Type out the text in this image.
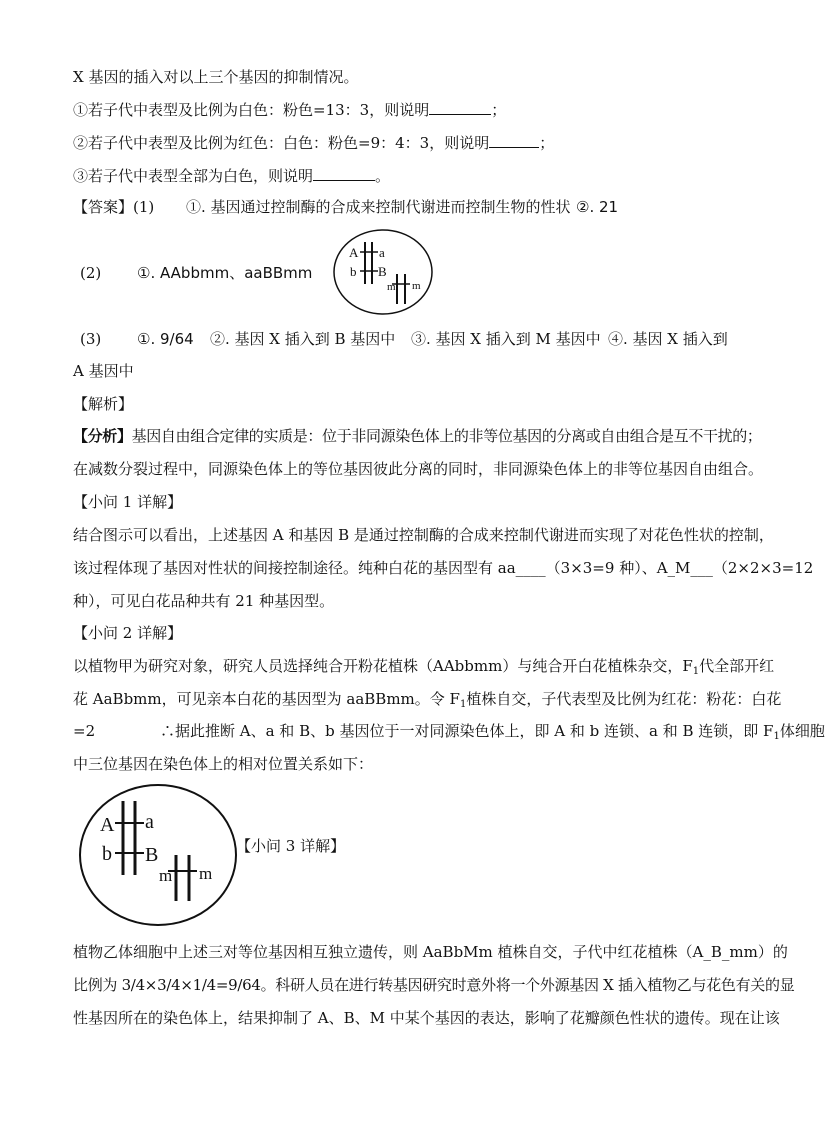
X 基因的插入对以上三个基因的抑制情况。
①若子代中表型及比例为白色：粉色=13：3，则说明	；
②若子代中表型及比例为红色：白色：粉色=9：4：3，则说明	；
③若子代中表型全部为白色，则说明	。
【答案】(1) ①. 基因通过控制酶的合成来控制代谢进而控制生物的性状 ②. 21
(2) ①. AAbbmm、aaBBmm
A a
b B
m m
(3) ①. 9/64 ②. 基因 X 插入到 B 基因中 ③. 基因 X 插入到 M 基因中 ④. 基因 X 插入到
A 基因中
【解析】
【分析】基因自由组合定律的实质是：位于非同源染色体上的非等位基因的分离或自由组合是互不干扰的；
在减数分裂过程中，同源染色体上的等位基因彼此分离的同时，非同源染色体上的非等位基因自由组合。
【小问 1 详解】
结合图示可以看出，上述基因 A 和基因 B 是通过控制酶的合成来控制代谢进而实现了对花色性状的控制，
该过程体现了基因对性状的间接控制途径。纯种白花的基因型有 aa____（3×3=9 种）、A_M___（2×2×3=12
种），可见白花品种共有 21 种基因型。
【小问 2 详解】
以植物甲为研究对象，研究人员选择纯合开粉花植株（AAbbmm）与纯合开白花植株杂交，$F_1$代全部开红
花 AaBbmm，可见亲本白花的基因型为 aaBBmm。令 $F_1$植株自交，子代表型及比例为红花：粉花：白花
=2	∴据此推断 A、a 和 B、b 基因位于一对同源染色体上，即 A 和 b 连锁、a 和 B 连锁，即 $F_1$体细胞
中三位基因在染色体上的相对位置关系如下：
A a
b B
m m
【小问 3 详解】
植物乙体细胞中上述三对等位基因相互独立遗传，则 AaBbMm 植株自交，子代中红花植株（A_B_mm）的
比例为 3/4×3/4×1/4=9/64。科研人员在进行转基因研究时意外将一个外源基因 X 插入植物乙与花色有关的显
性基因所在的染色体上，结果抑制了 A、B、M 中某个基因的表达，影响了花瓣颜色性状的遗传。现在让该
